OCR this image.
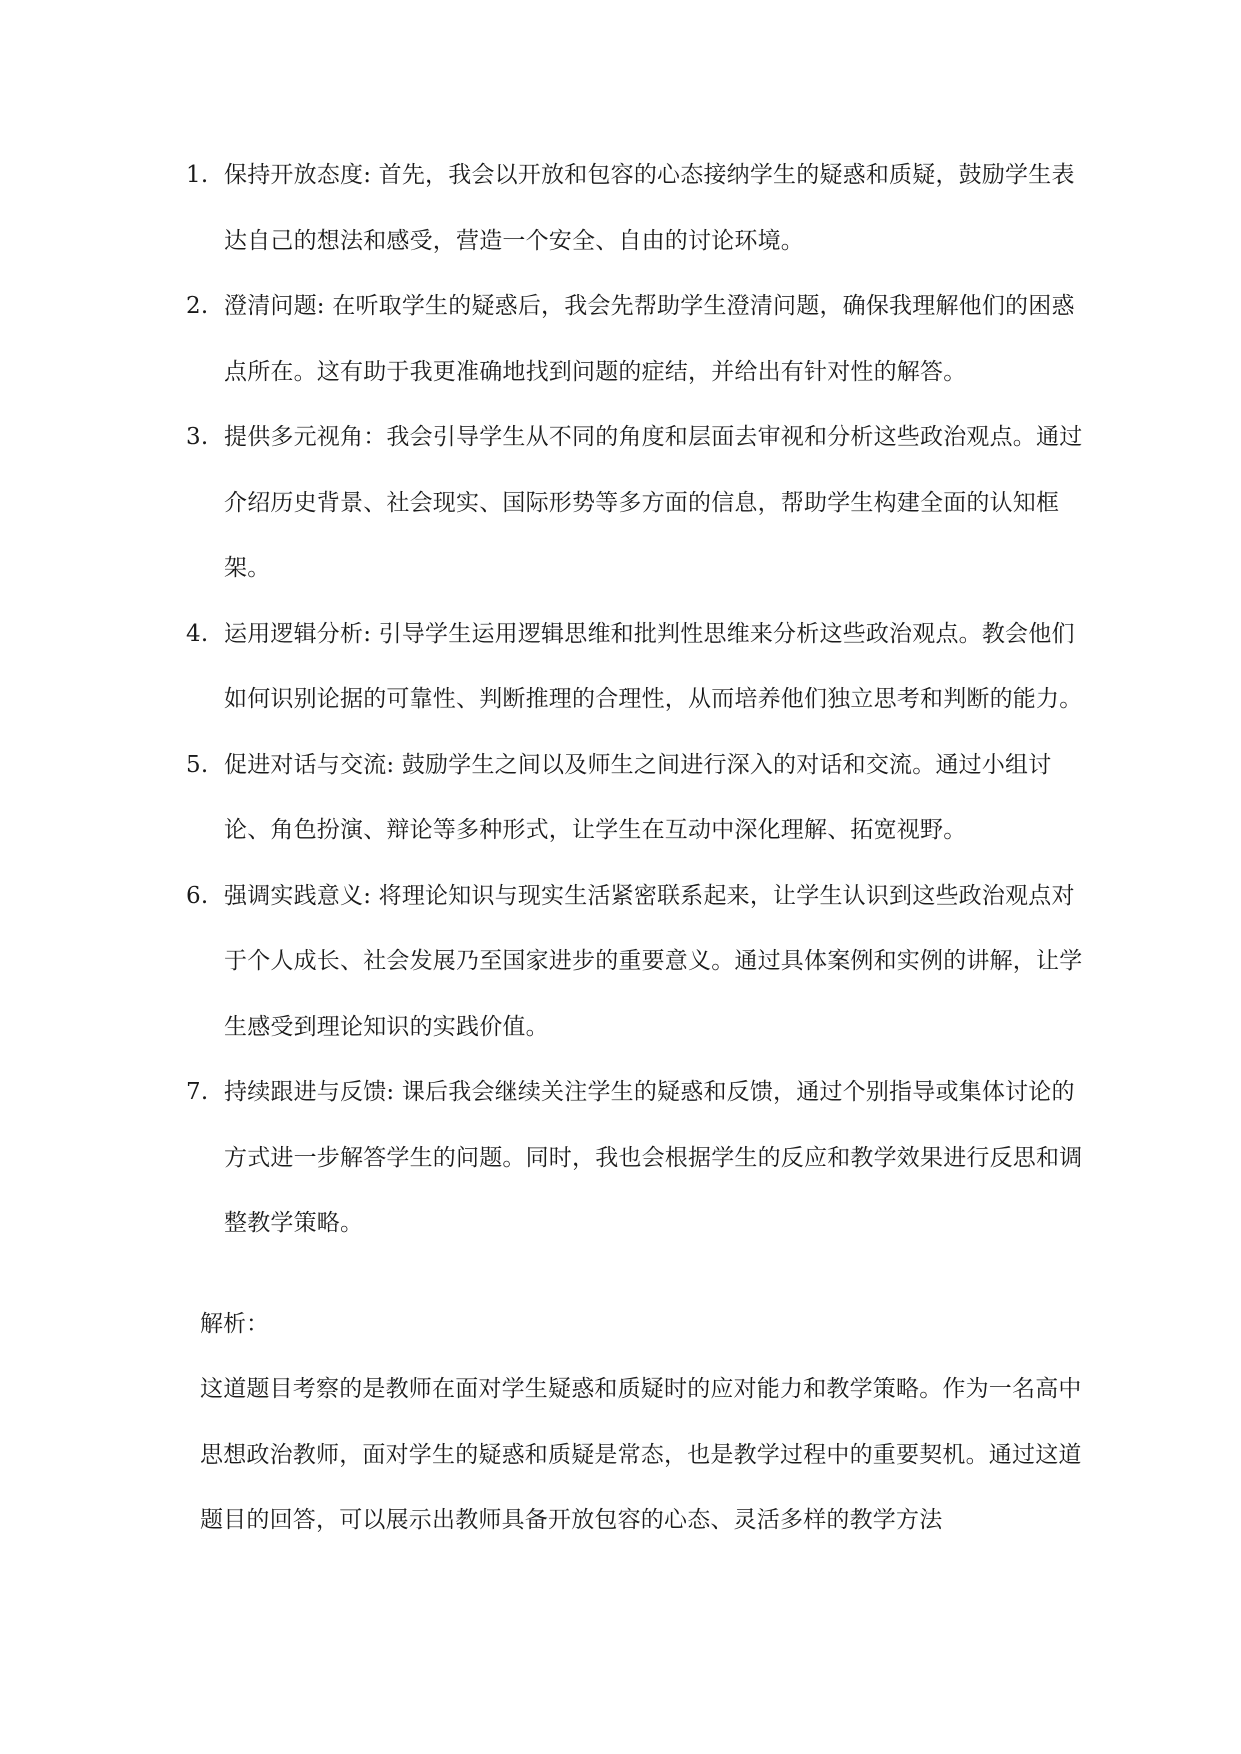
1. 保持开放态度: 首先，我会以开放和包容的心态接纳学生的疑惑和质疑，鼓励学生表达自己的想法和感受，营造一个安全、自由的讨论环境。
2. 澄清问题: 在听取学生的疑惑后，我会先帮助学生澄清问题，确保我理解他们的困惑点所在。这有助于我更准确地找到问题的症结，并给出有针对性的解答。
3. 提供多元视角：我会引导学生从不同的角度和层面去审视和分析这些政治观点。通过介绍历史背景、社会现实、国际形势等多方面的信息，帮助学生构建全面的认知框架。
4. 运用逻辑分析: 引导学生运用逻辑思维和批判性思维来分析这些政治观点。教会他们如何识别论据的可靠性、判断推理的合理性，从而培养他们独立思考和判断的能力。
5. 促进对话与交流: 鼓励学生之间以及师生之间进行深入的对话和交流。通过小组讨论、角色扮演、辩论等多种形式，让学生在互动中深化理解、拓宽视野。
6. 强调实践意义: 将理论知识与现实生活紧密联系起来，让学生认识到这些政治观点对于个人成长、社会发展乃至国家进步的重要意义。通过具体案例和实例的讲解，让学生感受到理论知识的实践价值。
7. 持续跟进与反馈: 课后我会继续关注学生的疑惑和反馈，通过个别指导或集体讨论的方式进一步解答学生的问题。同时，我也会根据学生的反应和教学效果进行反思和调整教学策略。

解析：

这道题目考察的是教师在面对学生疑惑和质疑时的应对能力和教学策略。作为一名高中思想政治教师，面对学生的疑惑和质疑是常态，也是教学过程中的重要契机。通过这道题目的回答，可以展示出教师具备开放包容的心态、灵活多样的教学方法
